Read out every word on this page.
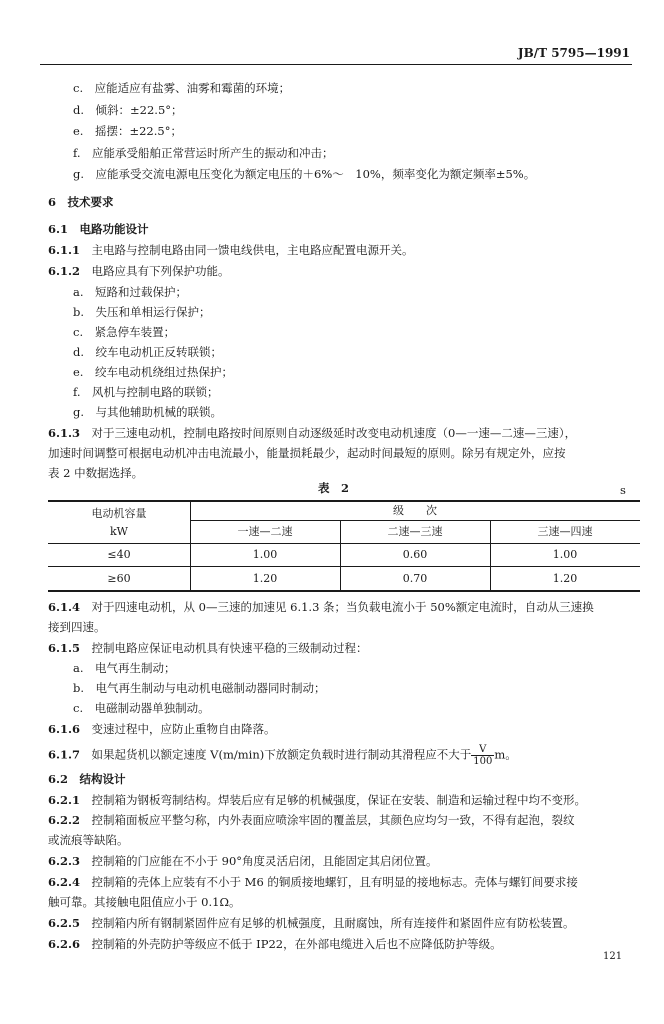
JB/T 5795—1991
c.　 应能适应有盐雾、油雾和霉菌的环境；
d.　 倾斜：±22.5°；
e.　 摇摆：±22.5°；
f.　 应能承受船舶正常营运时所产生的振动和冲击；
g.　 应能承受交流电源电压变化为额定电压的＋6%～　10%，频率变化为额定频率±5%。
6　 技术要求
6.1　 电路功能设计
6.1.1　 主电路与控制电路由同一馈电线供电，主电路应配置电源开关。
6.1.2　 电路应具有下列保护功能。
a.　 短路和过载保护；
b.　 失压和单相运行保护；
c.　 紧急停车装置；
d.　 绞车电动机正反转联锁；
e.　 绞车电动机绕组过热保护；
f.　 风机与控制电路的联锁；
g.　 与其他辅助机械的联锁。
6.1.3　 对于三速电动机，控制电路按时间原则自动逐级延时改变电动机速度（0—一速—二速—三速），
加速时间调整可根据电动机冲击电流最小，能量损耗最少，起动时间最短的原则。除另有规定外，应按
表 2 中数据选择。
表　2	s
电动机容量
kW
级　　次
一速—二速	二速—三速	三速—四速
≤40	1.00	0.60	1.00
≥60	1.20	0.70	1.20
6.1.4　 对于四速电动机，从 0—三速的加速见 6.1.3 条；当负载电流小于 50%额定电流时，自动从三速换
接到四速。
6.1.5　 控制电路应保证电动机具有快速平稳的三级制动过程：
a.　 电气再生制动；
b.　 电气再生制动与电动机电磁制动器同时制动；
c.　 电磁制动器单独制动。
6.1.6　 变速过程中，应防止重物自由降落。
6.1.7　 如果起货机以额定速度 V(m/min)下放额定负载时进行制动其滑程应不大于 $\frac{V}{100}$ m。
6.2　 结构设计
6.2.1　 控制箱为钢板弯制结构。焊装后应有足够的机械强度，保证在安装、制造和运输过程中均不变形。
6.2.2　 控制箱面板应平整匀称，内外表面应喷涂牢固的覆盖层，其颜色应均匀一致，不得有起泡，裂纹
或流痕等缺陷。
6.2.3　 控制箱的门应能在不小于 90°角度灵活启闭，且能固定其启闭位置。
6.2.4　 控制箱的壳体上应装有不小于 M6 的铜质接地螺钉，且有明显的接地标志。壳体与螺钉间要求接
触可靠。其接触电阻值应小于 0.1Ω。
6.2.5　 控制箱内所有钢制紧固件应有足够的机械强度，且耐腐蚀，所有连接件和紧固件应有防松装置。
6.2.6　 控制箱的外壳防护等级应不低于 IP22，在外部电缆进入后也不应降低防护等级。
121
